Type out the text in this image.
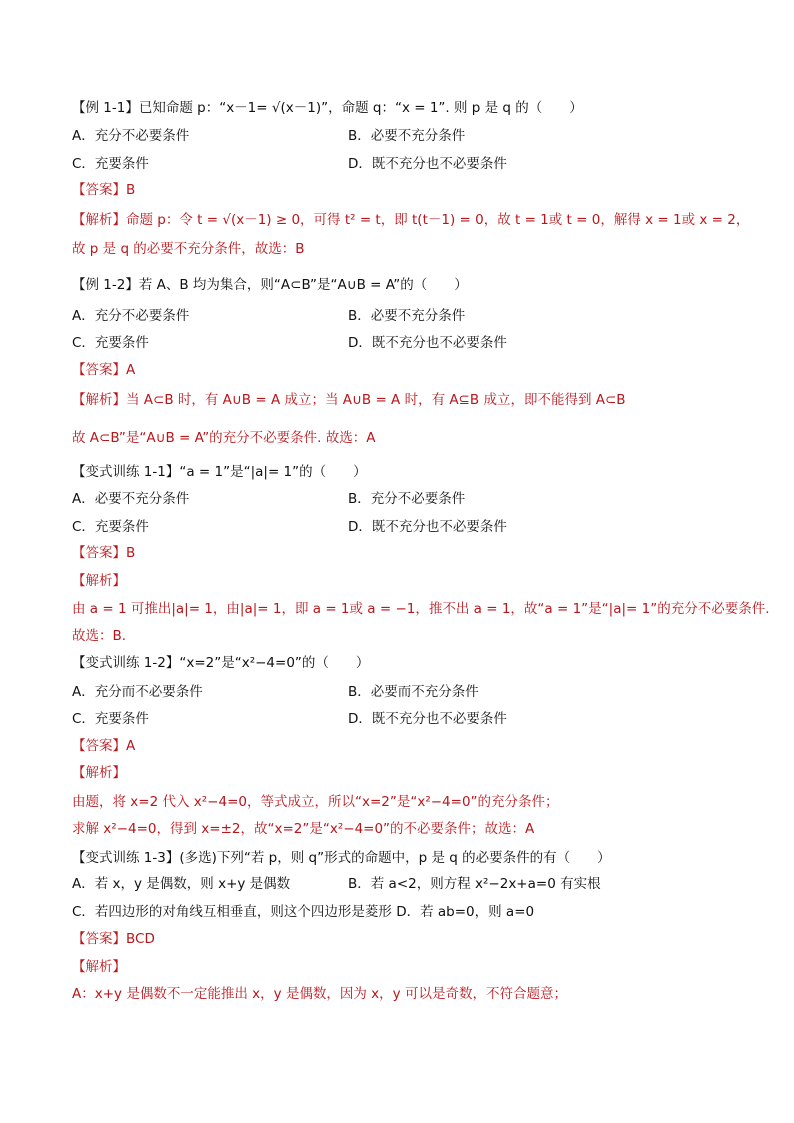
【例 1-1】已知命题 p：“x－1= √(x－1)”，命题 q：“x = 1”. 则 p 是 q 的（　　）
A．充分不必要条件	B．必要不充分条件
C．充要条件	D．既不充分也不必要条件
【答案】B
【解析】命题 p：令 t = √(x－1) ≥ 0，可得 t² = t，即 t(t－1) = 0，故 t = 1或 t = 0，解得 x = 1或 x = 2，
故 p 是 q 的必要不充分条件，故选：B
【例 1-2】若 A、B 均为集合，则“A⊂B”是“A∪B = A”的（　　）
A．充分不必要条件	B．必要不充分条件
C．充要条件	D．既不充分也不必要条件
【答案】A
【解析】当 A⊂B 时，有 A∪B = A 成立；当 A∪B = A 时，有 A⊆B 成立，即不能得到 A⊂B
故 A⊂B”是“A∪B = A”的充分不必要条件. 故选：A
【变式训练 1-1】“a = 1”是“|a|= 1”的（　　）
A．必要不充分条件	B．充分不必要条件
C．充要条件	D．既不充分也不必要条件
【答案】B
【解析】
由 a = 1 可推出|a|= 1，由|a|= 1，即 a = 1或 a = −1，推不出 a = 1，故“a = 1”是“|a|= 1”的充分不必要条件.
故选：B.
【变式训练 1-2】“x=2”是“x²−4=0”的（　　）
A．充分而不必要条件	B．必要而不充分条件
C．充要条件	D．既不充分也不必要条件
【答案】A
【解析】
由题，将 x=2 代入 x²−4=0，等式成立，所以“x=2”是“x²−4=0”的充分条件；
求解 x²−4=0，得到 x=±2，故“x=2”是“x²−4=0”的不必要条件；故选：A
【变式训练 1-3】(多选)下列“若 p，则 q”形式的命题中，p 是 q 的必要条件的有（　　）
A．若 x，y 是偶数，则 x+y 是偶数	B．若 a<2，则方程 x²−2x+a=0 有实根
C．若四边形的对角线互相垂直，则这个四边形是菱形 D．若 ab=0，则 a=0
【答案】BCD
【解析】
A：x+y 是偶数不一定能推出 x，y 是偶数，因为 x，y 可以是奇数，不符合题意；
